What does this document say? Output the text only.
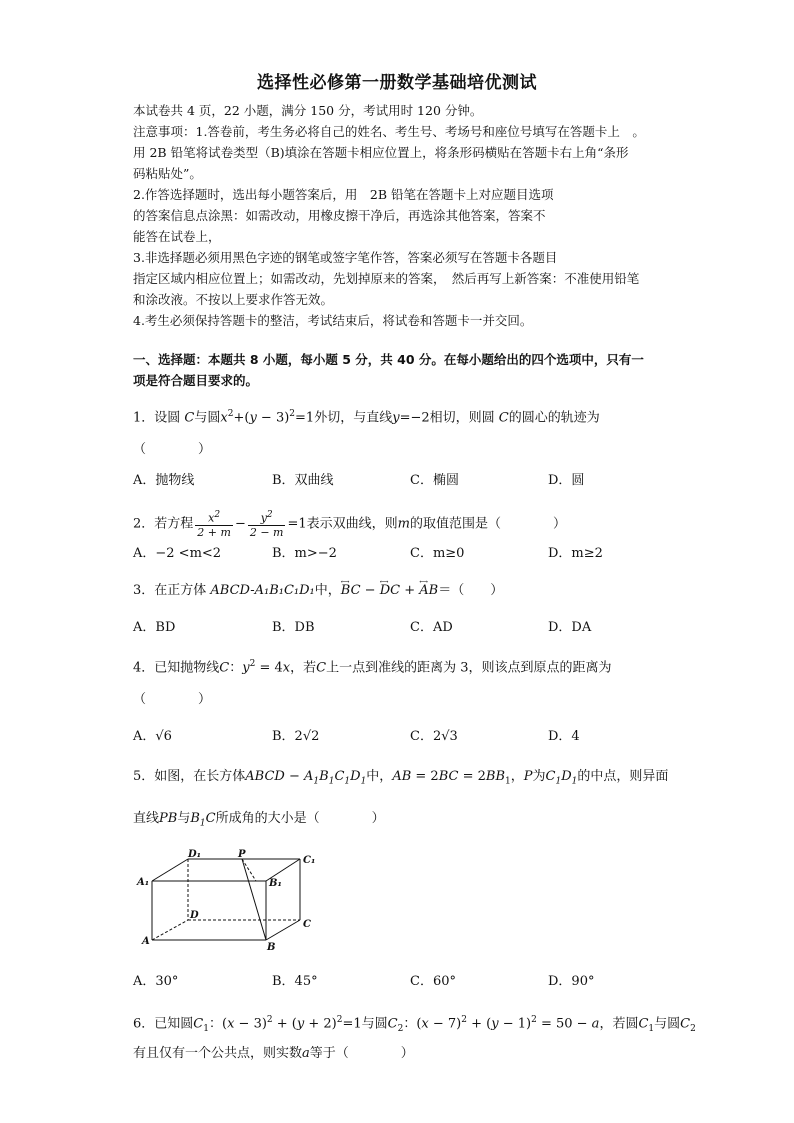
选择性必修第一册数学基础培优测试
本试卷共 4 页，22 小题，满分 150 分，考试用时 120 分钟。
注意事项：1.答卷前，考生务必将自己的姓名、考生号、考场号和座位号填写在答题卡上　。
用 2B 铅笔将试卷类型（B)填涂在答题卡相应位置上，将条形码横贴在答题卡右上角“条形
码粘贴处”。
2.作答选择题时，选出每小题答案后，用　2B 铅笔在答题卡上对应题目选项
的答案信息点涂黑：如需改动，用橡皮擦干净后，再选涂其他答案，答案不
能答在试卷上，
3.非选择题必须用黑色字迹的钢笔或签字笔作答，答案必须写在答题卡各题目
指定区域内相应位置上；如需改动，先划掉原来的答案，　然后再写上新答案：不准使用铅笔
和涂改液。不按以上要求作答无效。
4.考生必须保持答题卡的整洁，考试结束后，将试卷和答题卡一并交回。
一、选择题：本题共 8 小题，每小题 5 分，共 40 分。在每小题给出的四个选项中，只有一
项是符合题目要求的。
1．设圆 C与圆$x^2+(y - 3)^2=1$外切，与直线y=−2相切，则圆 C的圆心的轨迹为
（　　　　）
A．抛物线	B．双曲线	C．椭圆	D．圆
2．若方程 $\frac{x^2}{2 + m} - \frac{y^2}{2 - m} =1$表示双曲线，则m的取值范围是（　　　　）
A．−2 <m<2	B．m>−2	C．m≥0	D．m≥2
3．在正方体 ABCD-A₁B₁C₁D₁中，←→ BC − ←→ DC + ←→ AB＝（　　）
A．BD	B．DB	C．AD	D．DA
4．已知抛物线C：$y^2 = 4x$，若C上一点到准线的距离为 3，则该点到原点的距离为
（　　　　）
A．√6	B．2√2	C．2√3	D．4
5．如图，在长方体ABCD − $A_1B_1C_1D_1$中，AB = $2BC = 2BB_1$，P为$C_1D_1$的中点，则异面
直线PB与$B_1C$所成角的大小是（　　　　）
D₁	P
C₁
A₁	B₁
D
C
A
B
A．30°	B．45°	C．60°	D．90°
6．已知圆$C_1$：$(x - 3)^2 + (y + 2)^2=1$与圆$C_2$：$(x - 7)^2 + (y - 1)^2 = 50 - a$，若圆$C_1$与圆$C_2$
有且仅有一个公共点，则实数a等于（　　　　）
